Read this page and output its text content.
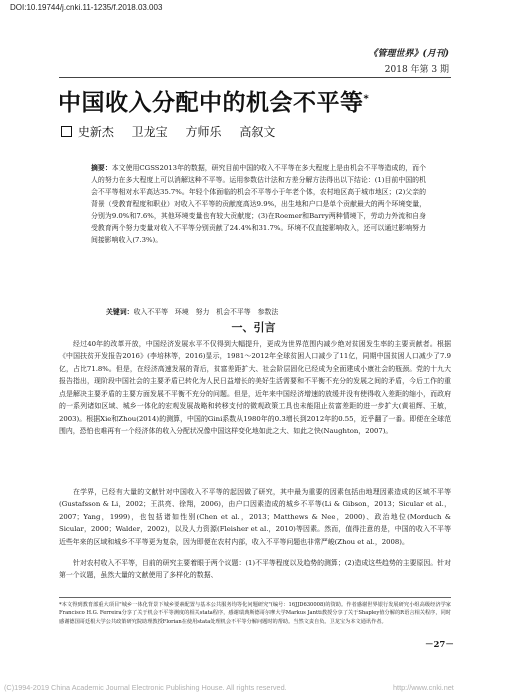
DOI:10.19744/j.cnki.11-1235/f.2018.03.003
《管理世界》(月刊)
2018 年第 3 期
中国收入分配中的机会不平等*
史新杰 卫龙宝 方师乐 高叙文
摘要：本文使用CGSS2013年的数据，研究目前中国的收入不平等在多大程度上是由机会不平等造成的，而个人的努力在多大程度上可以消解这种不平等。运用参数估计法和方差分解方法得出以下结论：(1)目前中国的机会不平等相对水平高达35.7%。年轻个体面临的机会不平等小于年老个体，农村地区高于城市地区；(2)父亲的背景（受教育程度和职业）对收入不平等的贡献度高达9.9%，出生地和户口是单个贡献最大的两个环境变量，分别为9.0%和7.6%，其他环境变量也有较大贡献度；(3)在Roemer和Barry两种情境下，劳动力外流和自身受教育两个努力变量对收入不平等分别贡献了24.4%和31.7%。环境不仅直接影响收入，还可以通过影响努力间接影响收入(7.3%)。
关键词：收入不平等　环境　努力　机会不平等　参数法
一、引言
经过40年的改革开放，中国经济发展水平不仅得到大幅提升，更成为世界范围内减少绝对贫困发生率的主要贡献者。根据《中国扶贫开发报告2016》(李培林等，2016)显示，1981～2012年全球贫困人口减少了11亿，同期中国贫困人口减少了7.9亿，占比71.8%。但是，在经济高速发展的背后，贫富差距扩大、社会阶层固化已经成为全面建成小康社会的瓶颈。党的十九大报告指出，现阶段中国社会的主要矛盾已转化为人民日益增长的美好生活需要和不平衡不充分的发展之间的矛盾，今后工作的重点是解决主要矛盾的主要方面发展不平衡不充分的问题。但是，近年来中国经济增速的放缓并没有使得收入差距的缩小，而政府的一系列诸如区域、城乡一体化的宏观发展战略和转移支付的微观政策工具也未能阻止贫富差距的进一步扩大(黄祖辉、王敏，2003)。根据Xie和Zhou(2014)的测算，中国的Gini系数从1980年的0.3增长到2012年的0.55，近乎翻了一番。即便在全球范围内，恐怕也难再有一个经济体的收入分配状况像中国这样变化地如此之大、如此之快(Naughton，2007)。
在学界，已经有大量的文献针对中国收入不平等的起因做了研究，其中最为重要的因素包括由地理因素造成的区域不平等(Gustafsson & Li，2002；王洪亮、徐翔，2006)，由户口因素造成的城乡不平等(Li & Gibson，2013；Sicular et al.，2007；Yang，1999)，也包括诸如性别(Chen et al.，2013；Matthews & Nee，2000)、政治地位(Morduch & Sicular，2000；Walder，2002)，以及人力资源(Fleisher et al.，2010)等因素。然而，值得注意的是，中国的收入不平等近些年来的区域和城乡不平等更为复杂，因为即便在农村内部，收入不平等问题也非常严峻(Zhou et al.，2008)。
针对农村收入不平等，目前的研究主要着眼于两个议题：(1)不平等程度以及趋势的测算；(2)造成这些趋势的主要原因。针对第一个议题，虽然大量的文献使用了多样化的数据、
*本文得到教育部重大项目"城乡一体化背景下城乡要素配置与基本公共服务均等化问题研究"(编号：16JJD630008)的资助。作者感谢世界银行发展研究小组高级经济学家Francisco H.G. Ferreira分享了关于机会不平等测度的相关stata程序，感谢瑞典斯德哥尔摩大学Markus Jantti教授分享了关于Shapley值分解的R语言相关程序，同时感谢德国哥廷根大学公共政策研究院助理教授Florian在使用stata处理机会不平等分解问题时的帮助。当然文责自负。卫龙宝为本文通讯作者。
－27－
(C)1994-2019 China Academic Journal Electronic Publishing House. All rights reserved.	http://www.cnki.net
